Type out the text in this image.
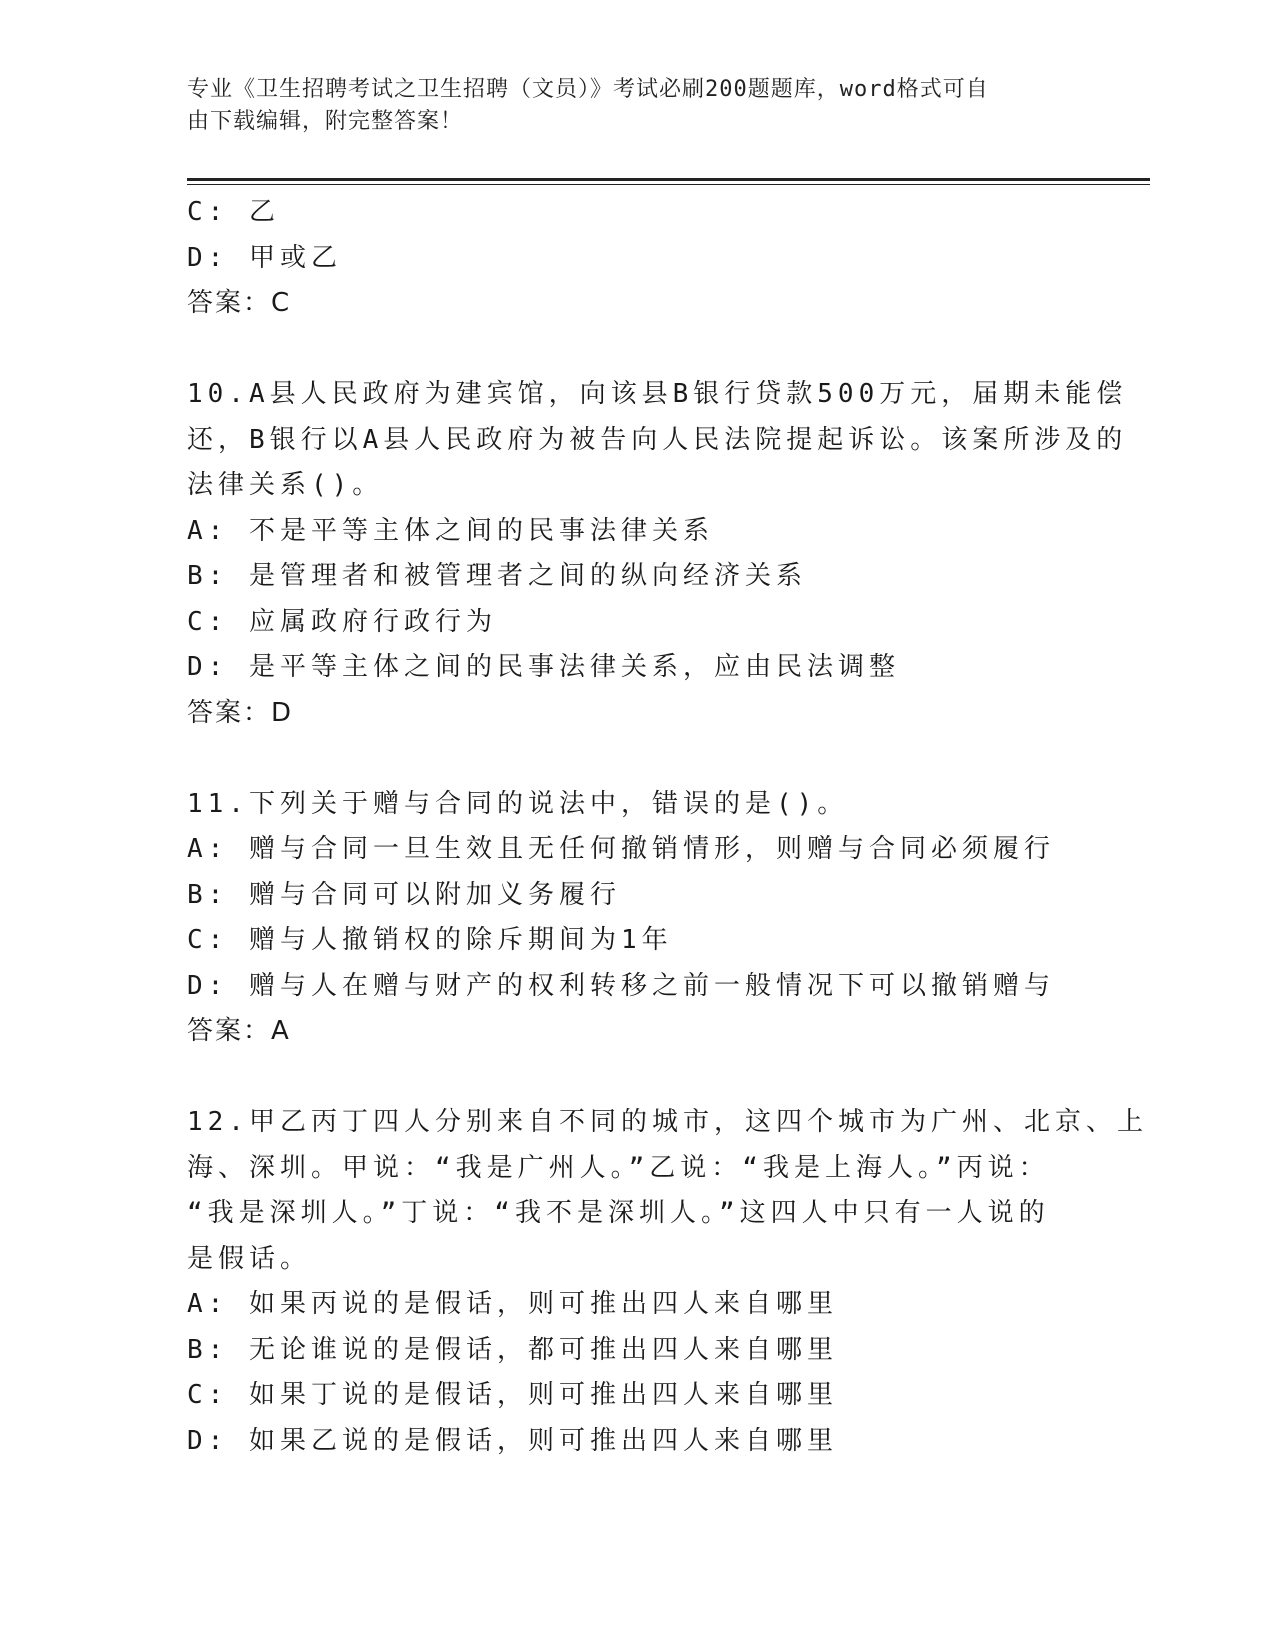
专业《卫生招聘考试之卫生招聘（文员）》考试必刷200题题库，word格式可自
由下载编辑，附完整答案！
C: 乙
D: 甲或乙
答案：C
10.A县人民政府为建宾馆，向该县B银行贷款500万元，届期未能偿
还，B银行以A县人民政府为被告向人民法院提起诉讼。该案所涉及的
法律关系()。
A: 不是平等主体之间的民事法律关系
B: 是管理者和被管理者之间的纵向经济关系
C: 应属政府行政行为
D: 是平等主体之间的民事法律关系，应由民法调整
答案：D
11.下列关于赠与合同的说法中，错误的是()。
A: 赠与合同一旦生效且无任何撤销情形，则赠与合同必须履行
B: 赠与合同可以附加义务履行
C: 赠与人撤销权的除斥期间为1年
D: 赠与人在赠与财产的权利转移之前一般情况下可以撤销赠与
答案：A
12.甲乙丙丁四人分别来自不同的城市，这四个城市为广州、北京、上
海、深圳。甲说：“我是广州人。”乙说：“我是上海人。”丙说：
“我是深圳人。”丁说：“我不是深圳人。”这四人中只有一人说的
是假话。
A: 如果丙说的是假话，则可推出四人来自哪里
B: 无论谁说的是假话，都可推出四人来自哪里
C: 如果丁说的是假话，则可推出四人来自哪里
D: 如果乙说的是假话，则可推出四人来自哪里
